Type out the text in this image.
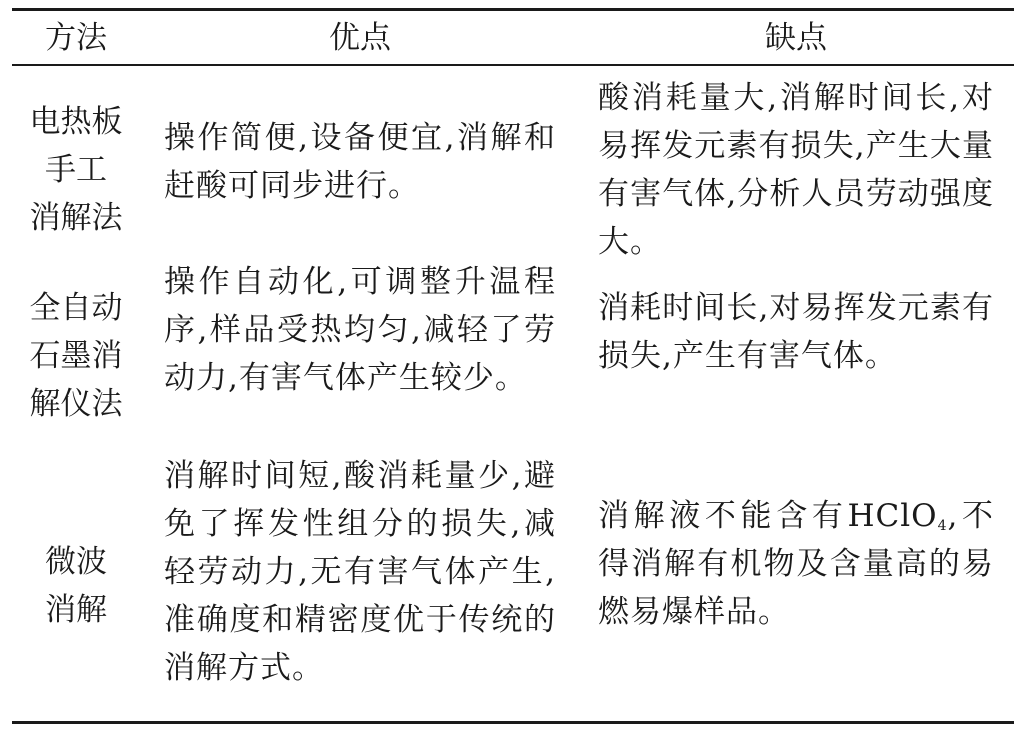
方法	优点	缺点
电热板
手工
消解法
操作简便,设备便宜,消解和赶酸可同步进行。
酸消耗量大,消解时间长,对易挥发元素有损失,产生大量有害气体,分析人员劳动强度大。
全自动
石墨消
解仪法
操作自动化,可调整升温程序,样品受热均匀,减轻了劳动力,有害气体产生较少。
消耗时间长,对易挥发元素有损失,产生有害气体。
微波
消解
消解时间短,酸消耗量少,避免了挥发性组分的损失,减轻劳动力,无有害气体产生,准确度和精密度优于传统的消解方式。
消解液不能含有HClO$_4$,不得消解有机物及含量高的易燃易爆样品。
